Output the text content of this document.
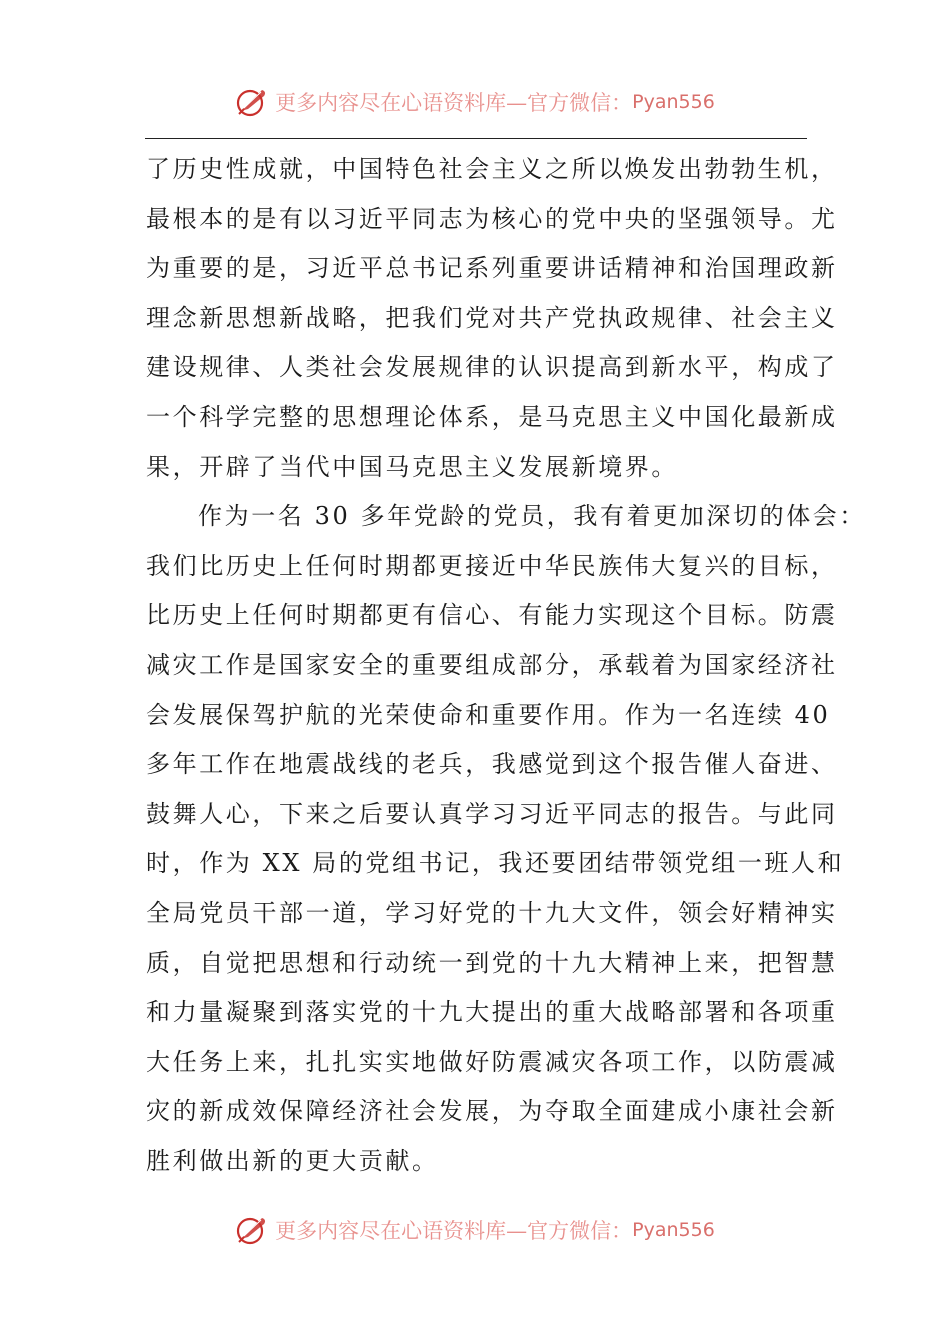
更多内容尽在心语资料库—官方微信： Pyan556
了历史性成就，中国特色社会主义之所以焕发出勃勃生机，
最根本的是有以习近平同志为核心的党中央的坚强领导。尤
为重要的是，习近平总书记系列重要讲话精神和治国理政新
理念新思想新战略，把我们党对共产党执政规律、社会主义
建设规律、人类社会发展规律的认识提高到新水平，构成了
一个科学完整的思想理论体系，是马克思主义中国化最新成
果，开辟了当代中国马克思主义发展新境界。
作为一名 30 多年党龄的党员，我有着更加深切的体会：
我们比历史上任何时期都更接近中华民族伟大复兴的目标，
比历史上任何时期都更有信心、有能力实现这个目标。防震
减灾工作是国家安全的重要组成部分，承载着为国家经济社
会发展保驾护航的光荣使命和重要作用。作为一名连续 40
多年工作在地震战线的老兵，我感觉到这个报告催人奋进、
鼓舞人心，下来之后要认真学习习近平同志的报告。与此同
时，作为 XX 局的党组书记，我还要团结带领党组一班人和
全局党员干部一道，学习好党的十九大文件，领会好精神实
质，自觉把思想和行动统一到党的十九大精神上来，把智慧
和力量凝聚到落实党的十九大提出的重大战略部署和各项重
大任务上来，扎扎实实地做好防震减灾各项工作，以防震减
灾的新成效保障经济社会发展，为夺取全面建成小康社会新
胜利做出新的更大贡献。
更多内容尽在心语资料库—官方微信： Pyan556
